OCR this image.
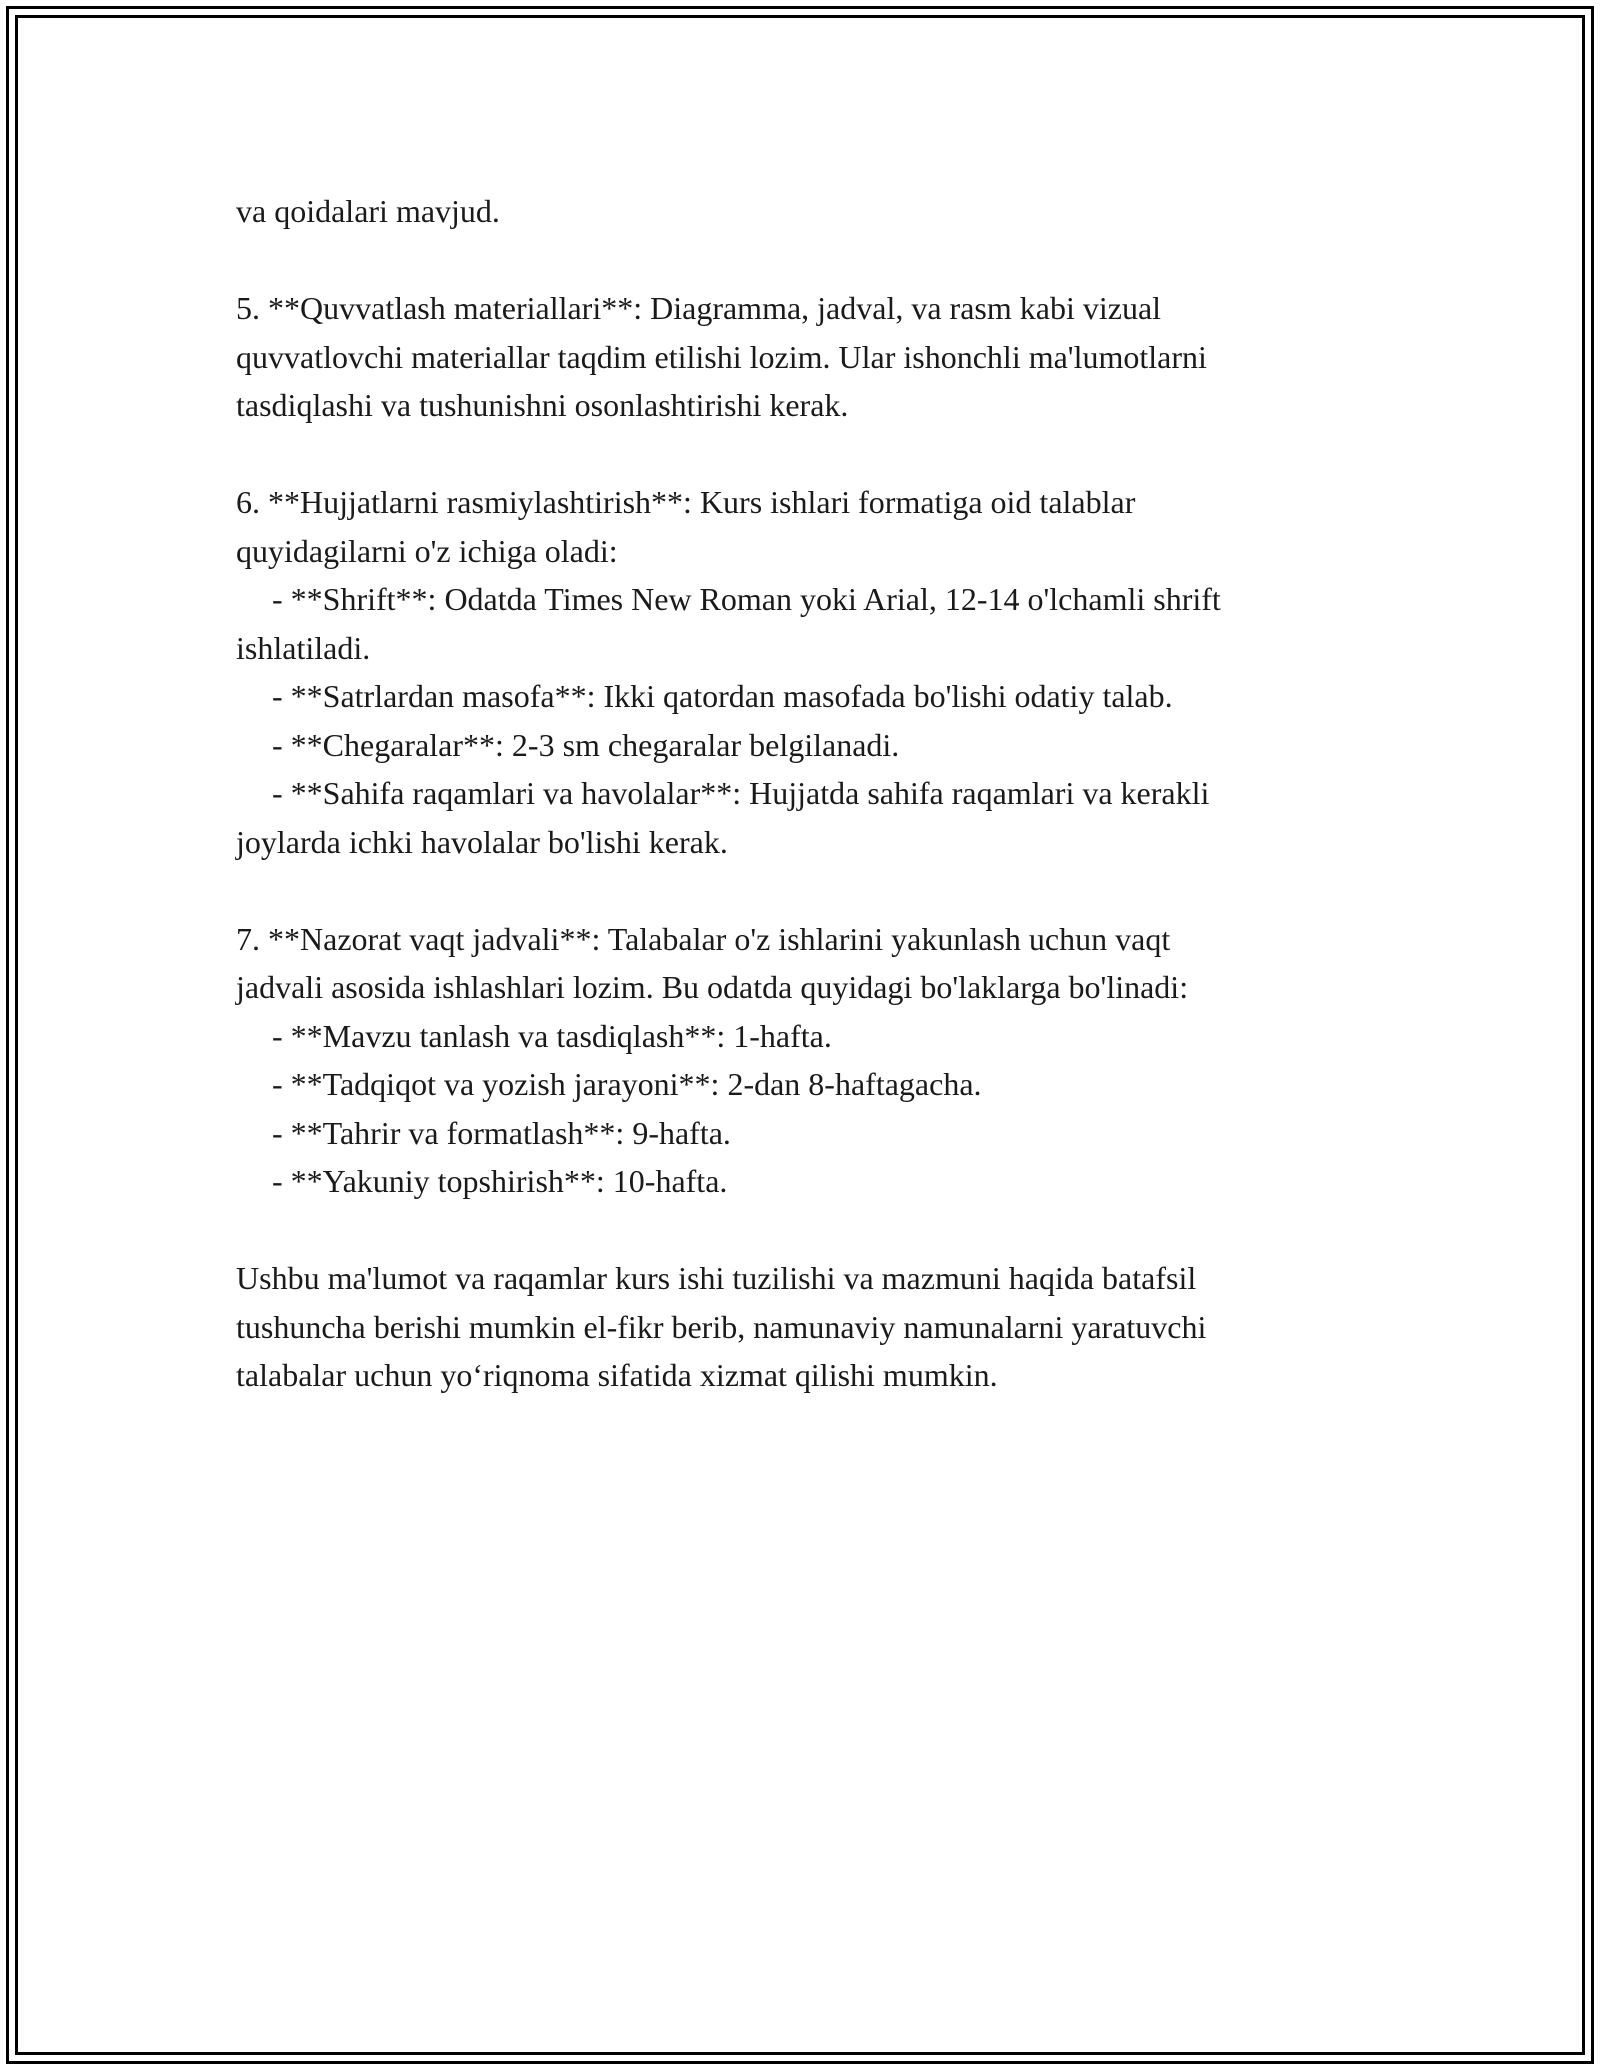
va qoidalari mavjud.
5. **Quvvatlash materiallari**: Diagramma, jadval, va rasm kabi vizual
quvvatlovchi materiallar taqdim etilishi lozim. Ular ishonchli ma'lumotlarni
tasdiqlashi va tushunishni osonlashtirishi kerak.
6. **Hujjatlarni rasmiylashtirish**: Kurs ishlari formatiga oid talablar
quyidagilarni o'z ichiga oladi:
- **Shrift**: Odatda Times New Roman yoki Arial, 12-14 o'lchamli shrift
ishlatiladi.
- **Satrlardan masofa**: Ikki qatordan masofada bo'lishi odatiy talab.
- **Chegaralar**: 2-3 sm chegaralar belgilanadi.
- **Sahifa raqamlari va havolalar**: Hujjatda sahifa raqamlari va kerakli
joylarda ichki havolalar bo'lishi kerak.
7. **Nazorat vaqt jadvali**: Talabalar o'z ishlarini yakunlash uchun vaqt
jadvali asosida ishlashlari lozim. Bu odatda quyidagi bo'laklarga bo'linadi:
- **Mavzu tanlash va tasdiqlash**: 1-hafta.
- **Tadqiqot va yozish jarayoni**: 2-dan 8-haftagacha.
- **Tahrir va formatlash**: 9-hafta.
- **Yakuniy topshirish**: 10-hafta.
Ushbu ma'lumot va raqamlar kurs ishi tuzilishi va mazmuni haqida batafsil
tushuncha berishi mumkin el-fikr berib, namunaviy namunalarni yaratuvchi
talabalar uchun yo‘riqnoma sifatida xizmat qilishi mumkin.
